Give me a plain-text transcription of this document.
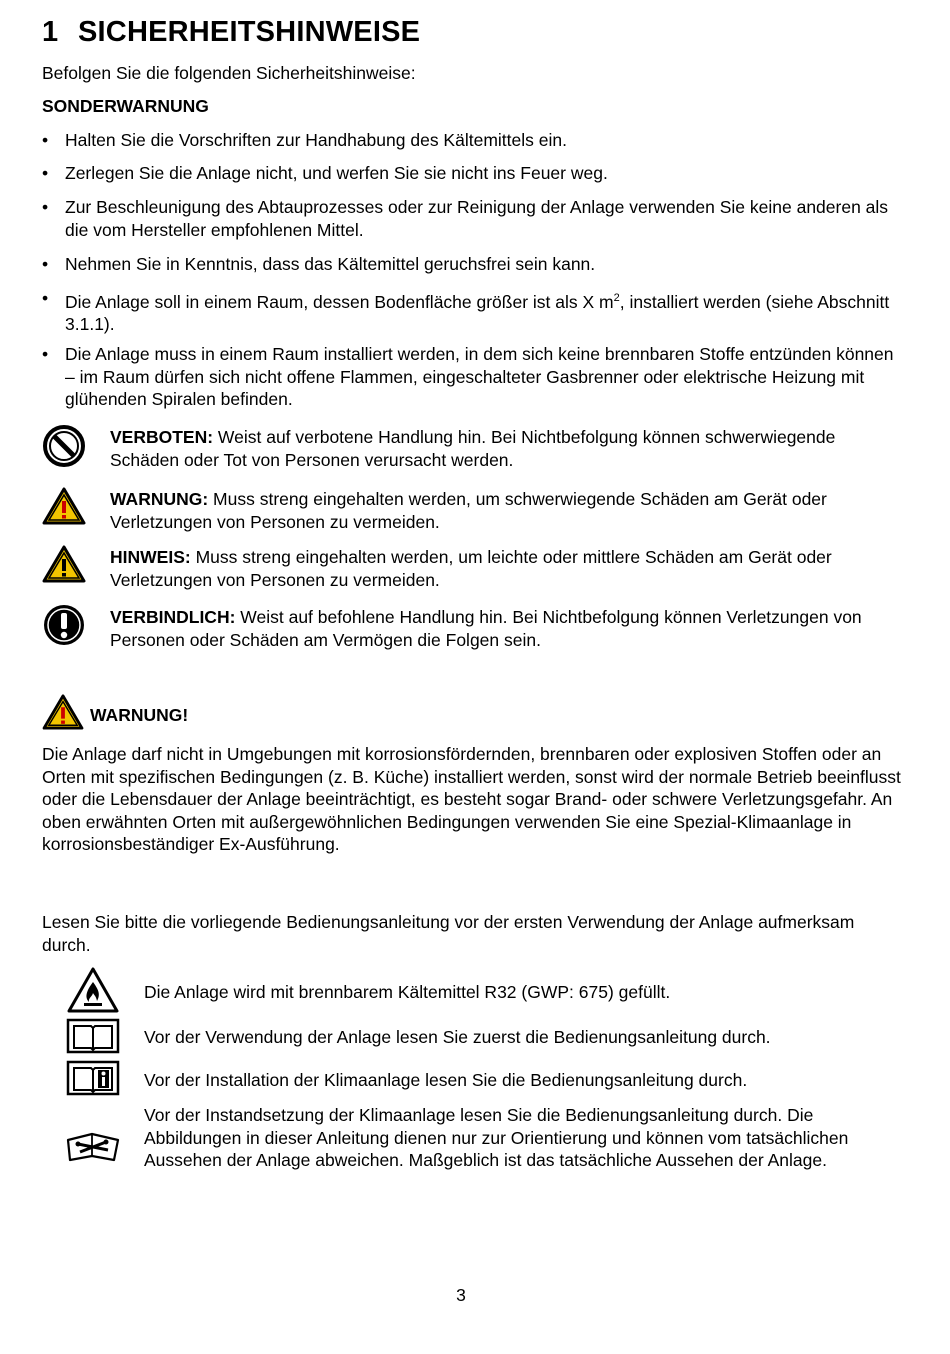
1 SICHERHEITSHINWEISE
Befolgen Sie die folgenden Sicherheitshinweise:
SONDERWARNUNG
• Halten Sie die Vorschriften zur Handhabung des Kältemittels ein.
• Zerlegen Sie die Anlage nicht, und werfen Sie sie nicht ins Feuer weg.
• Zur Beschleunigung des Abtauprozesses oder zur Reinigung der Anlage verwenden Sie keine anderen als die vom Hersteller empfohlenen Mittel.
• Nehmen Sie in Kenntnis, dass das Kältemittel geruchsfrei sein kann.
• Die Anlage soll in einem Raum, dessen Bodenfläche größer ist als X $m^2$, installiert werden (siehe Abschnitt 3.1.1).
• Die Anlage muss in einem Raum installiert werden, in dem sich keine brennbaren Stoffe entzünden können – im Raum dürfen sich nicht offene Flammen, eingeschalteter Gasbrenner oder elektrische Heizung mit glühenden Spiralen befinden.
VERBOTEN: Weist auf verbotene Handlung hin. Bei Nichtbefolgung können schwerwiegende Schäden oder Tot von Personen verursacht werden.
WARNUNG: Muss streng eingehalten werden, um schwerwiegende Schäden am Gerät oder Verletzungen von Personen zu vermeiden.
HINWEIS: Muss streng eingehalten werden, um leichte oder mittlere Schäden am Gerät oder Verletzungen von Personen zu vermeiden.
VERBINDLICH: Weist auf befohlene Handlung hin. Bei Nichtbefolgung können Verletzungen von Personen oder Schäden am Vermögen die Folgen sein.
WARNUNG!
Die Anlage darf nicht in Umgebungen mit korrosionsfördernden, brennbaren oder explosiven Stoffen oder an Orten mit spezifischen Bedingungen (z. B. Küche) installiert werden, sonst wird der normale Betrieb beeinflusst oder die Lebensdauer der Anlage beeinträchtigt, es besteht sogar Brand- oder schwere Verletzungsgefahr. An oben erwähnten Orten mit außergewöhnlichen Bedingungen verwenden Sie eine Spezial-Klimaanlage in korrosionsbeständiger Ex-Ausführung.
Lesen Sie bitte die vorliegende Bedienungsanleitung vor der ersten Verwendung der Anlage aufmerksam durch.
Die Anlage wird mit brennbarem Kältemittel R32 (GWP: 675) gefüllt.
Vor der Verwendung der Anlage lesen Sie zuerst die Bedienungsanleitung durch.
Vor der Installation der Klimaanlage lesen Sie die Bedienungsanleitung durch.
Vor der Instandsetzung der Klimaanlage lesen Sie die Bedienungsanleitung durch. Die Abbildungen in dieser Anleitung dienen nur zur Orientierung und können vom tatsächlichen Aussehen der Anlage abweichen. Maßgeblich ist das tatsächliche Aussehen der Anlage.
3
